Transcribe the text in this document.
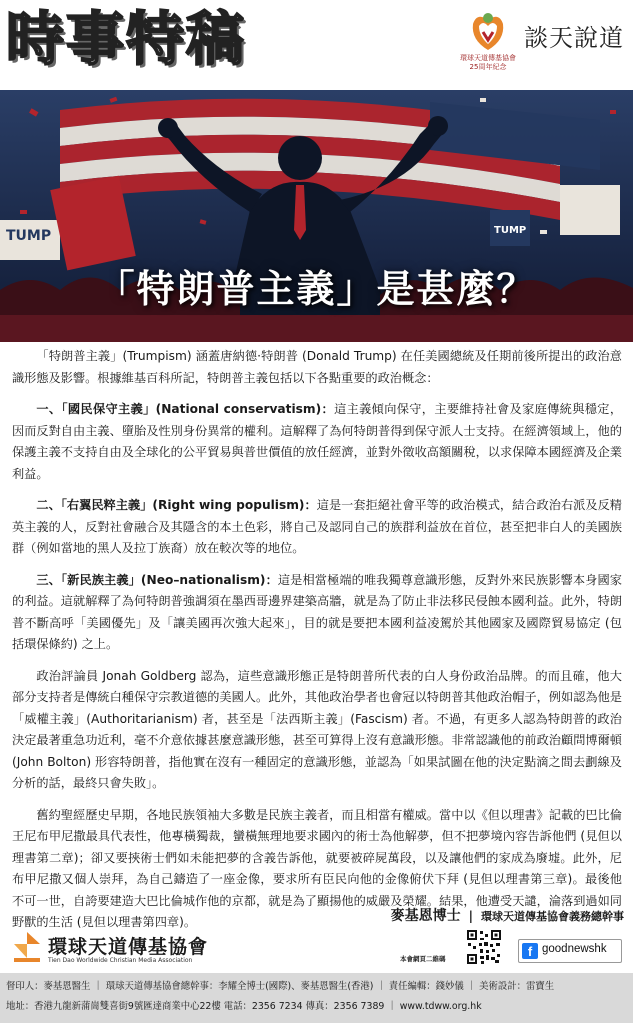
時事特稿	環球天道傳基協會
25周年紀念
談天說道
TUMP	TUMP
「特朗普主義」是甚麼？

「特朗普主義」(Trumpism) 涵蓋唐納德·特朗普 (Donald Trump) 在任美國總統及任期前後所提出的政治意識形態及影響。根據維基百科所記，特朗普主義包括以下各點重要的政治概念：

一、「國民保守主義」(National conservatism)：這主義傾向保守，主要維持社會及家庭傳統與穩定，因而反對自由主義、墮胎及性別身份異常的權利。這解釋了為何特朗普得到保守派人士支持。在經濟領域上，他的保護主義不支持自由及全球化的公平貿易與普世價值的放任經濟，並對外徵收高額關稅，以求保障本國經濟及企業利益。

二、「右翼民粹主義」(Right wing populism)：這是一套拒絕社會平等的政治模式，結合政治右派及反精英主義的人，反對社會融合及其隱含的本土色彩，將自己及認同自己的族群利益放在首位，甚至把非白人的美國族群（例如當地的黑人及拉丁族裔）放在較次等的地位。

三、「新民族主義」(Neo–nationalism)：這是相當極端的唯我獨尊意識形態，反對外來民族影響本身國家的利益。這就解釋了為何特朗普強調須在墨西哥邊界建築高牆，就是為了防止非法移民侵蝕本國利益。此外，特朗普不斷高呼「美國優先」及「讓美國再次強大起來」，目的就是要把本國利益凌駕於其他國家及國際貿易協定 (包括環保條約) 之上。

政治評論員 Jonah Goldberg 認為，這些意識形態正是特朗普所代表的白人身份政治品牌。的而且確，他大部分支持者是傳統白種保守宗教道德的美國人。此外，其他政治學者也會冠以特朗普其他政治帽子，例如認為他是「威權主義」(Authoritarianism) 者，甚至是「法西斯主義」(Fascism) 者。不過，有更多人認為特朗普的政治決定最著重急功近利，毫不介意依據甚麼意識形態，甚至可算得上沒有意識形態。非常認識他的前政治顧問博爾頓 (John Bolton) 形容特朗普，指他實在沒有一種固定的意識形態，並認為「如果試圖在他的決定點滴之間去劃線及分析的話，最終只會失敗」。

舊約聖經歷史早期，各地民族領袖大多數是民族主義者，而且相當有權威。當中以《但以理書》記載的巴比倫王尼布甲尼撒最具代表性，他專橫獨裁，蠻橫無理地要求國內的術士為他解夢，但不把夢境內容告訴他們 (見但以理書第二章)；卻又要挾術士們如未能把夢的含義告訴他，就要被碎屍萬段，以及讓他們的家成為廢墟。此外，尼布甲尼撒又個人崇拜，為自己鑄造了一座金像，要求所有臣民向他的金像俯伏下拜 (見但以理書第三章)。最後他不可一世，自誇要建造大巴比倫城作他的京都，就是為了顯揚他的威嚴及榮耀。結果，他遭受天譴，淪落到過如同野獸的生活 (見但以理書第四章)。	麥基恩博士 | 環球天道傳基協會義務總幹事
環球天道傳基協會
Tien Dao Worldwide Christian Media Association	本會網頁二維碼	f goodnewshk
督印人：麥基恩醫生 ｜ 環球天道傳基協會總幹事：李耀全博士(國際)、麥基恩醫生(香港) ｜ 責任編輯：錢妙儀 ｜ 美術設計：雷寶生
地址：香港九龍新蒲崗雙喜街9號匯達商業中心22樓 電話：2356 7234 傳真：2356 7389 ｜ www.tdww.org.hk
